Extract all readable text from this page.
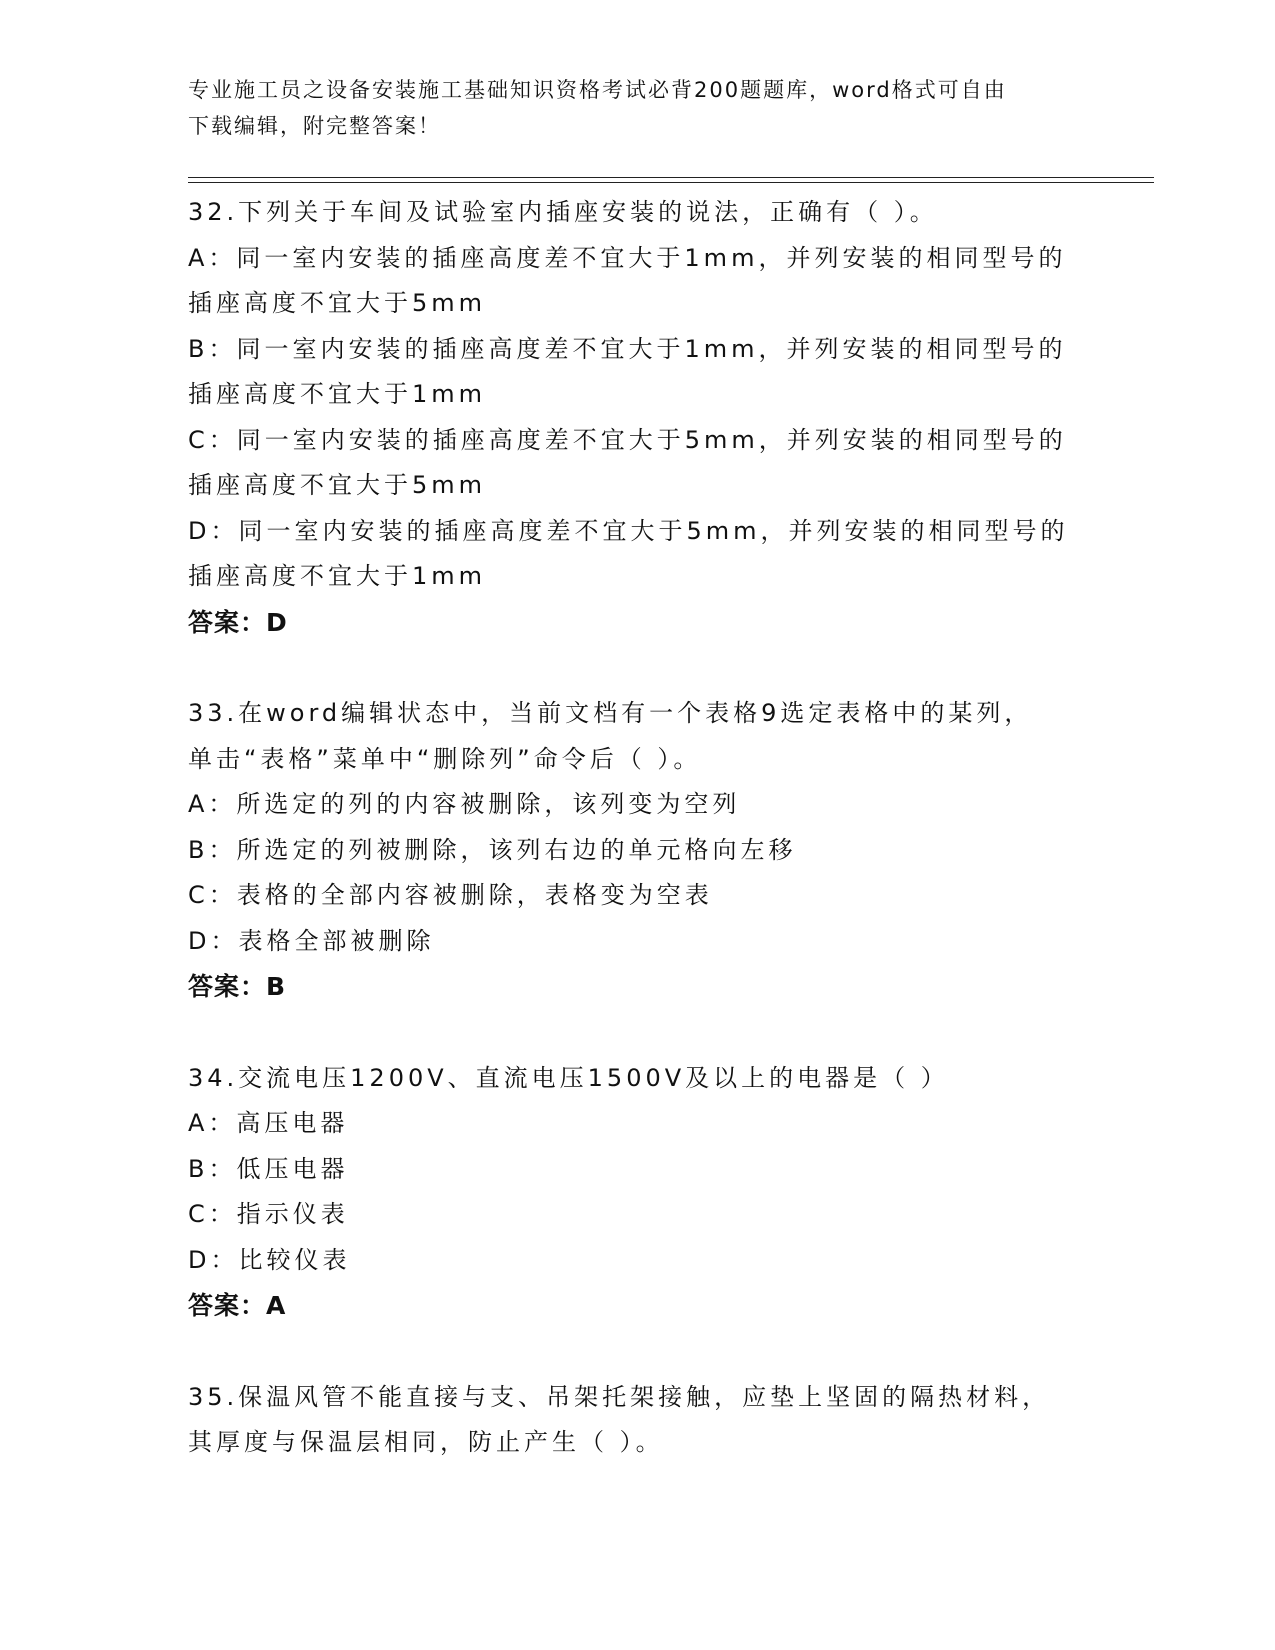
专业施工员之设备安装施工基础知识资格考试必背200题题库，word格式可自由
下载编辑，附完整答案！
32.下列关于车间及试验室内插座安装的说法，正确有（ ）。
A：同一室内安装的插座高度差不宜大于1mm，并列安装的相同型号的
插座高度不宜大于5mm
B：同一室内安装的插座高度差不宜大于1mm，并列安装的相同型号的
插座高度不宜大于1mm
C：同一室内安装的插座高度差不宜大于5mm，并列安装的相同型号的
插座高度不宜大于5mm
D：同一室内安装的插座高度差不宜大于5mm，并列安装的相同型号的
插座高度不宜大于1mm
答案：D
33.在word编辑状态中，当前文档有一个表格9选定表格中的某列，
单击“表格”菜单中“删除列”命令后（ ）。
A：所选定的列的内容被删除，该列变为空列
B：所选定的列被删除，该列右边的单元格向左移
C：表格的全部内容被删除，表格变为空表
D：表格全部被删除
答案：B
34.交流电压1200V、直流电压1500V及以上的电器是（ ）
A：高压电器
B：低压电器
C：指示仪表
D：比较仪表
答案：A
35.保温风管不能直接与支、吊架托架接触，应垫上坚固的隔热材料，
其厚度与保温层相同，防止产生（ ）。
